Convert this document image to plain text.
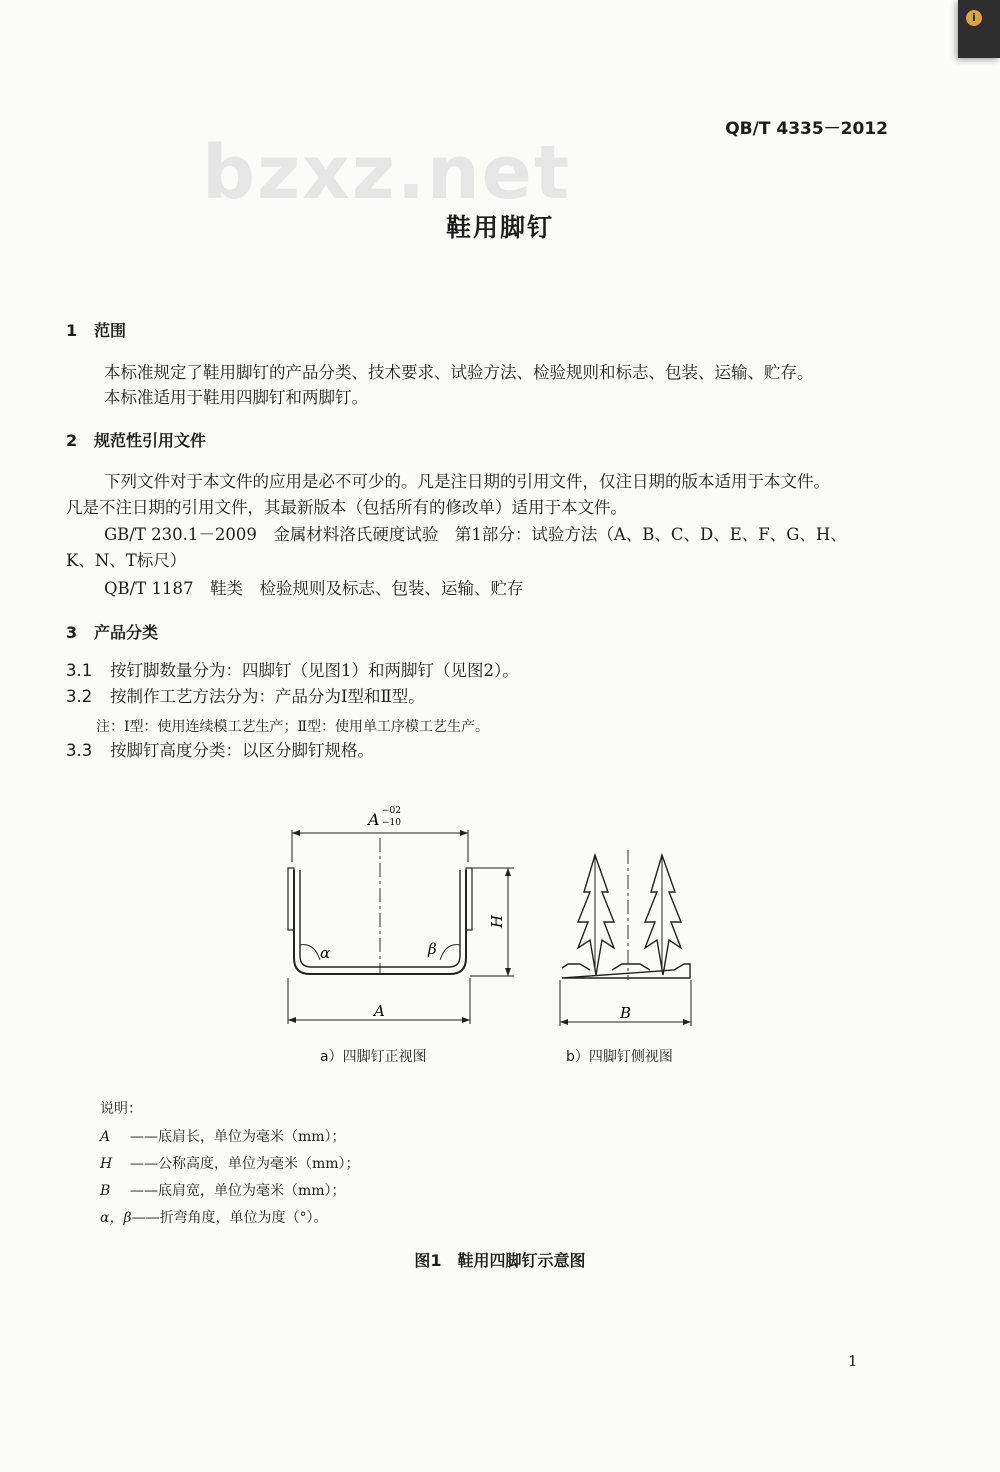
i
bzxz.net
QB/T 4335－2012
鞋用脚钉
1 范围
本标准规定了鞋用脚钉的产品分类、技术要求、试验方法、检验规则和标志、包装、运输、贮存。
本标准适用于鞋用四脚钉和两脚钉。
2 规范性引用文件
下列文件对于本文件的应用是必不可少的。凡是注日期的引用文件，仅注日期的版本适用于本文件。
凡是不注日期的引用文件，其最新版本（包括所有的修改单）适用于本文件。
GB/T 230.1－2009　金属材料洛氏硬度试验　第1部分：试验方法（A、B、C、D、E、F、G、H、
K、N、T标尺）
QB/T 1187　鞋类　检验规则及标志、包装、运输、贮存
3 产品分类
3.1 按钉脚数量分为：四脚钉（见图1）和两脚钉（见图2）。
3.2 按制作工艺方法分为：产品分为Ⅰ型和Ⅱ型。
注：Ⅰ型：使用连续模工艺生产；Ⅱ型：使用单工序模工艺生产。
3.3 按脚钉高度分类：以区分脚钉规格。
A −02
−10
α	β
H
A
a）四脚钉正视图
B
b）四脚钉侧视图
说明：
A ——底肩长，单位为毫米（mm）；
H ——公称高度，单位为毫米（mm）；
B ——底肩宽，单位为毫米（mm）；
α，β——折弯角度，单位为度（°）。
图1　鞋用四脚钉示意图
1
